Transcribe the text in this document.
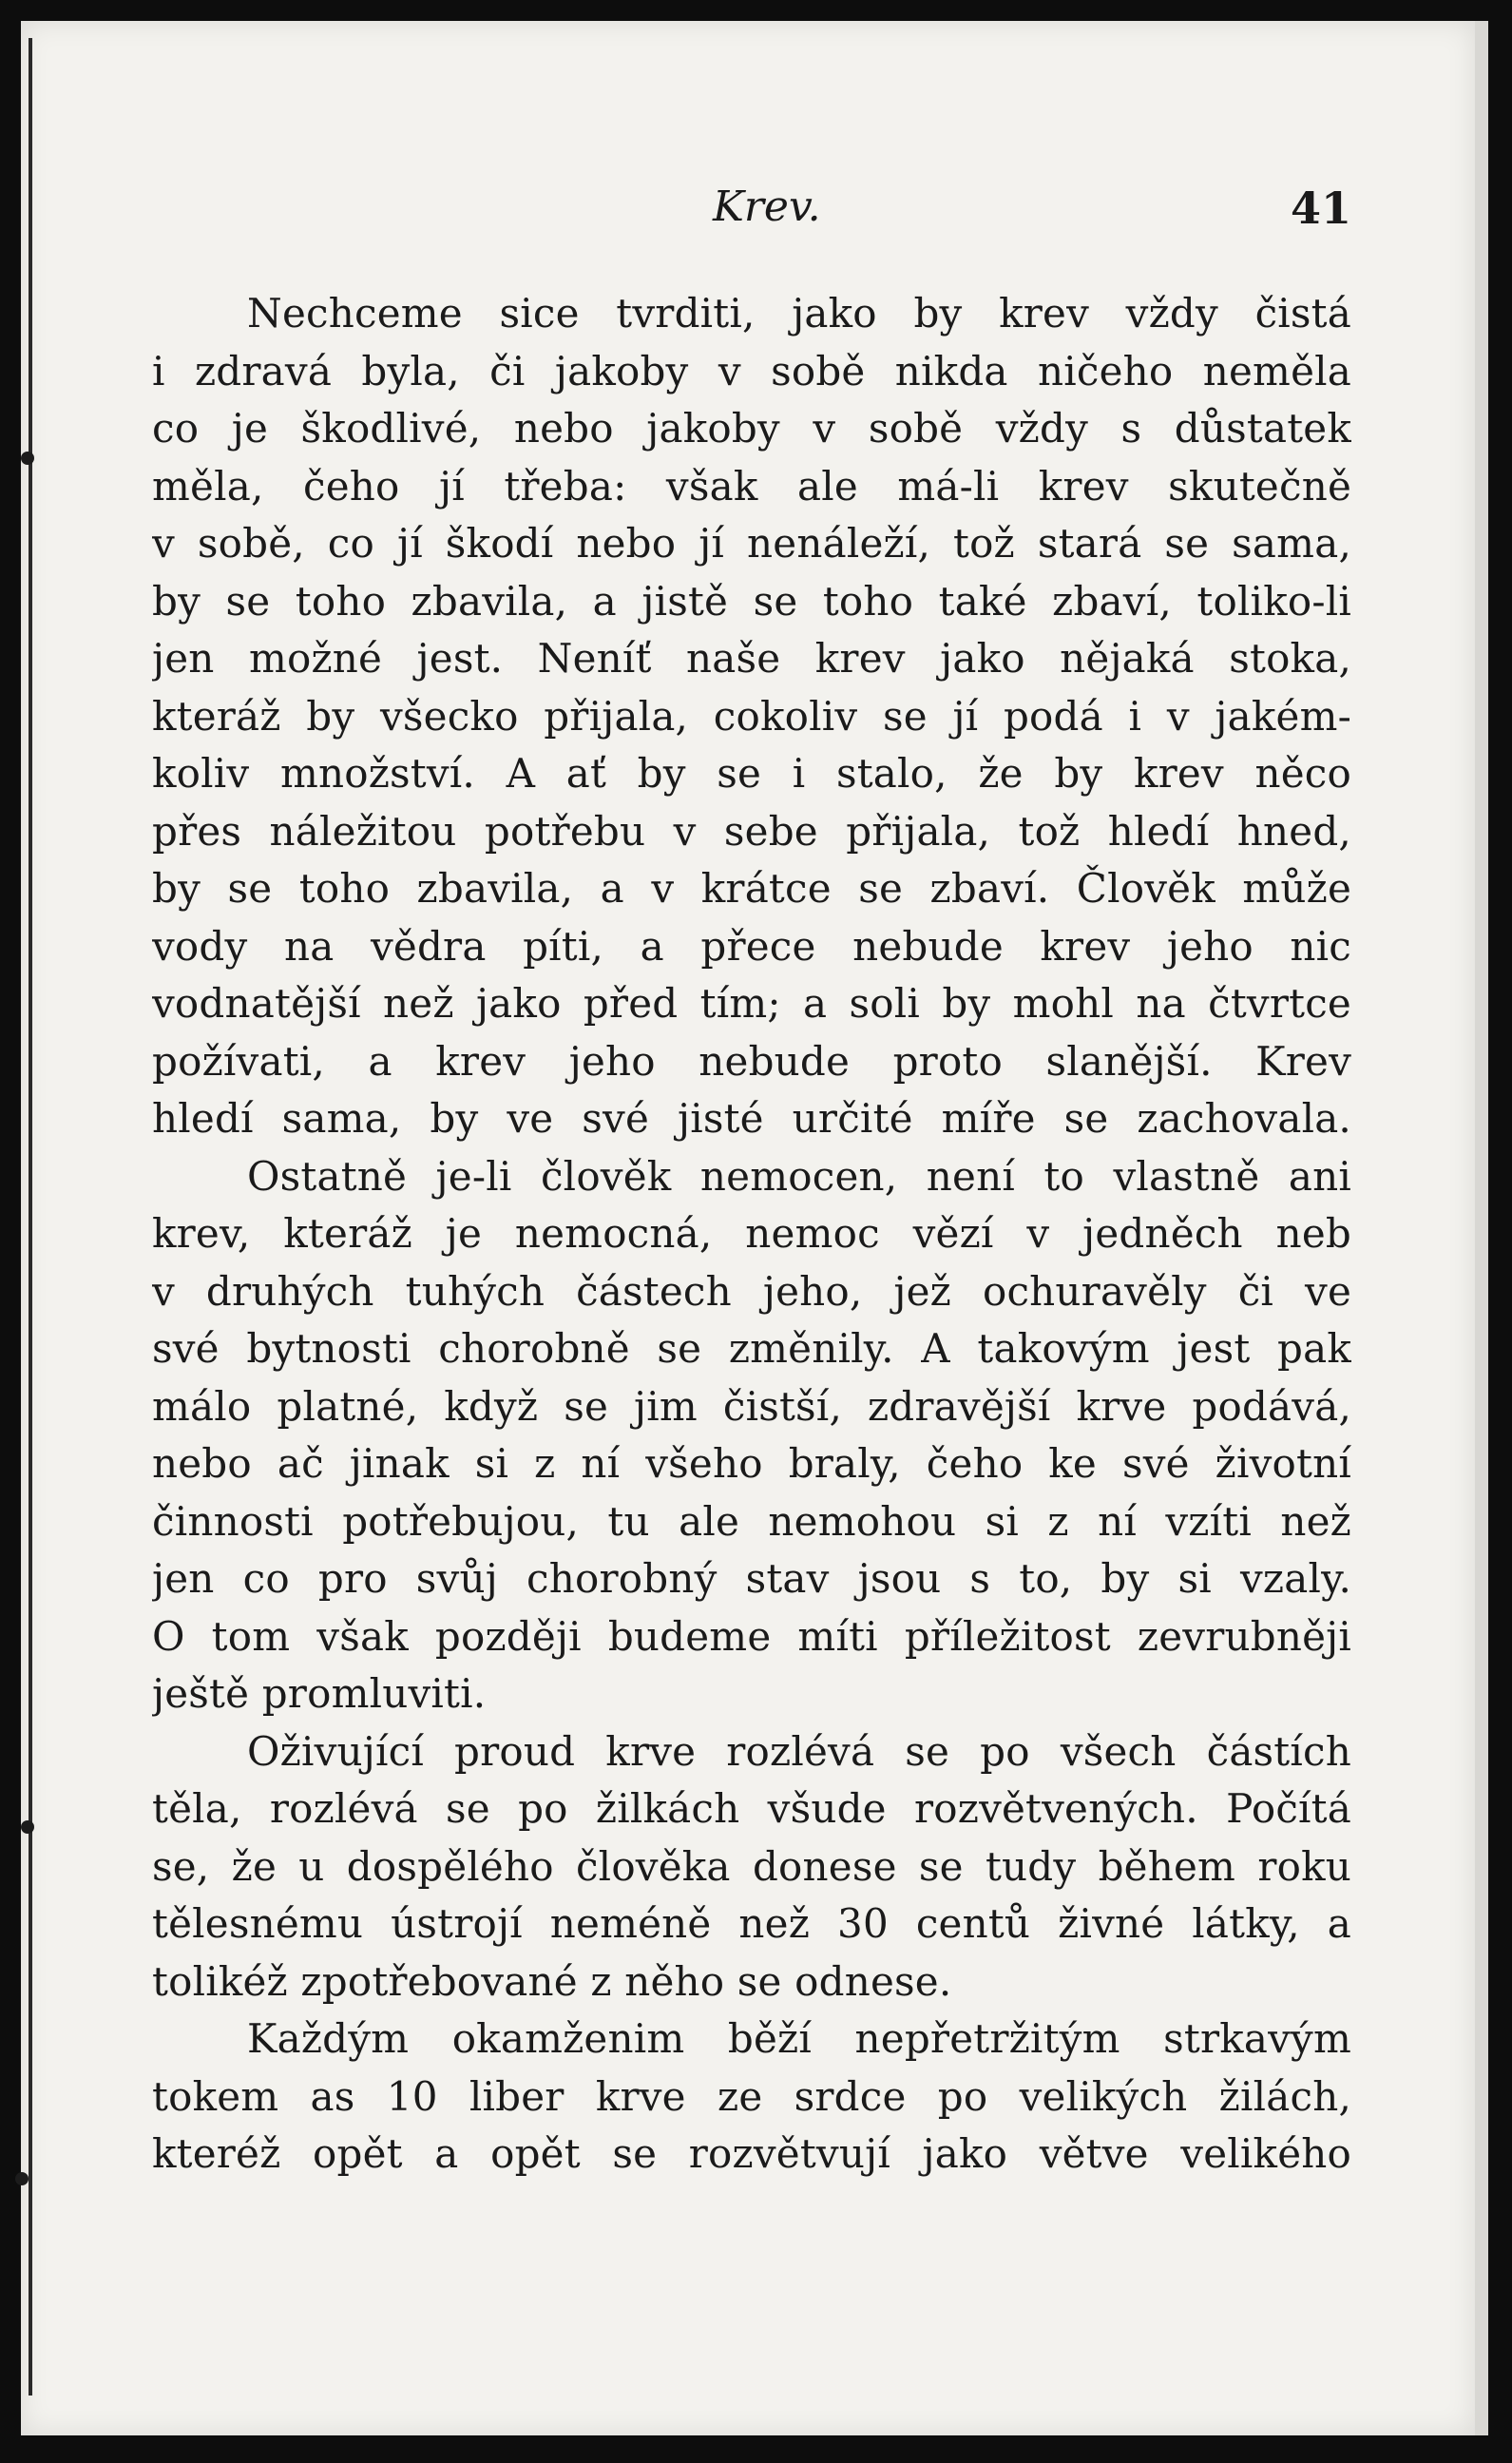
Krev.	41
Nechceme sice tvrditi, jako by krev vždy čistá
i zdravá byla, či jakoby v sobě nikda ničeho neměla
co je škodlivé, nebo jakoby v sobě vždy s důstatek
měla, čeho jí třeba: však ale má-li krev skutečně
v sobě, co jí škodí nebo jí nenáleží, tož stará se sama,
by se toho zbavila, a jistě se toho také zbaví, toliko-li
jen možné jest. Neníť naše krev jako nějaká stoka,
kteráž by všecko přijala, cokoliv se jí podá i v jakém-
koliv množství. A ať by se i stalo, že by krev něco
přes náležitou potřebu v sebe přijala, tož hledí hned,
by se toho zbavila, a v krátce se zbaví. Člověk může
vody na vědra píti, a přece nebude krev jeho nic
vodnatější než jako před tím; a soli by mohl na čtvrtce
požívati, a krev jeho nebude proto slanější. Krev
hledí sama, by ve své jisté určité míře se zachovala.
Ostatně je-li člověk nemocen, není to vlastně ani
krev, kteráž je nemocná, nemoc vězí v jedněch neb
v druhých tuhých částech jeho, jež ochuravěly či ve
své bytnosti chorobně se změnily. A takovým jest pak
málo platné, když se jim čistší, zdravější krve podává,
nebo ač jinak si z ní všeho braly, čeho ke své životní
činnosti potřebujou, tu ale nemohou si z ní vzíti než
jen co pro svůj chorobný stav jsou s to, by si vzaly.
O tom však později budeme míti příležitost zevrubněji
ještě promluviti.
Oživující proud krve rozlévá se po všech částích
těla, rozlévá se po žilkách všude rozvětvených. Počítá
se, že u dospělého člověka donese se tudy během roku
tělesnému ústrojí neméně než 30 centů živné látky, a
tolikéž zpotřebované z něho se odnese.
Každým okamženim běží nepřetržitým strkavým
tokem as 10 liber krve ze srdce po velikých žilách,
kteréž opět a opět se rozvětvují jako větve velikého
